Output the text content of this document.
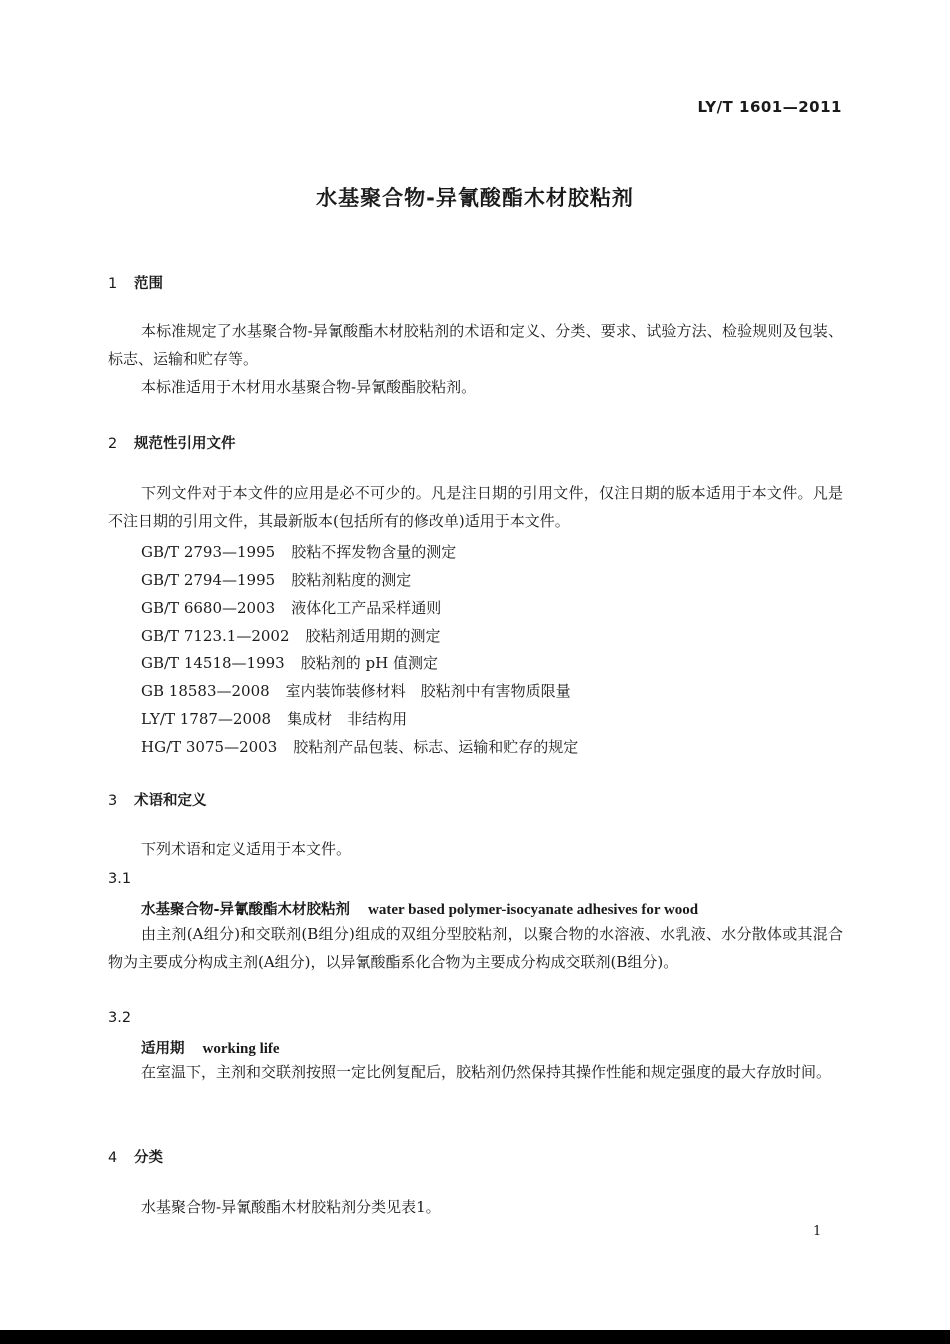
LY/T 1601—2011
水基聚合物-异氰酸酯木材胶粘剂
1 范围
本标准规定了水基聚合物-异氰酸酯木材胶粘剂的术语和定义、分类、要求、试验方法、检验规则及包装、标志、运输和贮存等。
本标准适用于木材用水基聚合物-异氰酸酯胶粘剂。
2 规范性引用文件
下列文件对于本文件的应用是必不可少的。凡是注日期的引用文件，仅注日期的版本适用于本文件。凡是不注日期的引用文件，其最新版本(包括所有的修改单)适用于本文件。
GB/T 2793—1995 胶粘不挥发物含量的测定
GB/T 2794—1995 胶粘剂粘度的测定
GB/T 6680—2003 液体化工产品采样通则
GB/T 7123.1—2002 胶粘剂适用期的测定
GB/T 14518—1993 胶粘剂的 pH 值测定
GB 18583—2008 室内装饰装修材料　胶粘剂中有害物质限量
LY/T 1787—2008 集成材　非结构用
HG/T 3075—2003 胶粘剂产品包装、标志、运输和贮存的规定
3 术语和定义
下列术语和定义适用于本文件。
3.1
水基聚合物-异氰酸酯木材胶粘剂 water based polymer-isocyanate adhesives for wood
由主剂(A组分)和交联剂(B组分)组成的双组分型胶粘剂，以聚合物的水溶液、水乳液、水分散体或其混合物为主要成分构成主剂(A组分)，以异氰酸酯系化合物为主要成分构成交联剂(B组分)。
3.2
适用期 working life
在室温下，主剂和交联剂按照一定比例复配后，胶粘剂仍然保持其操作性能和规定强度的最大存放时间。
4 分类
水基聚合物-异氰酸酯木材胶粘剂分类见表1。
1
